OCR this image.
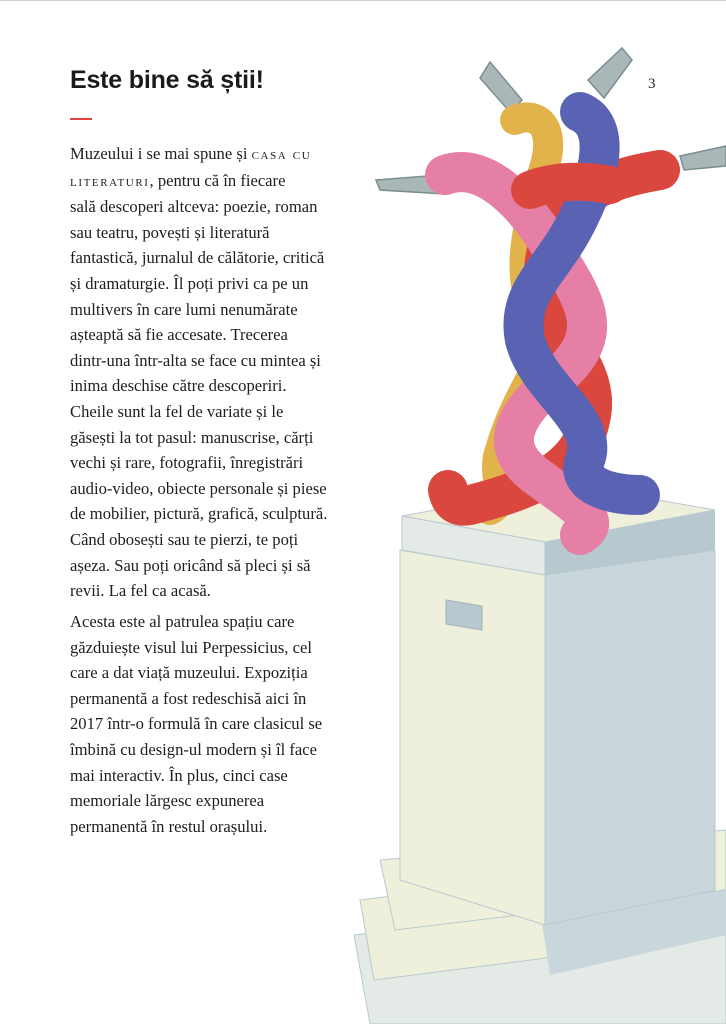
3
Este bine să știi!
Muzeului i se mai spune și casa cu
literaturi, pentru că în fiecare
sală descoperi altceva: poezie, roman
sau teatru, povești și literatură
fantastică, jurnalul de călătorie, critică
și dramaturgie. Îl poți privi ca pe un
multivers în care lumi nenumărate
așteaptă să fie accesate. Trecerea
dintr-una într-alta se face cu mintea și
inima deschise către descoperiri.
Cheile sunt la fel de variate și le
găsești la tot pasul: manuscrise, cărți
vechi și rare, fotografii, înregistrări
audio-video, obiecte personale și piese
de mobilier, pictură, grafică, sculptură.
Când obosești sau te pierzi, te poți
așeza. Sau poți oricând să pleci și să
revii. La fel ca acasă.
Acesta este al patrulea spațiu care
găzduiește visul lui Perpessicius, cel
care a dat viață muzeului. Expoziția
permanentă a fost redeschisă aici în
2017 într-o formulă în care clasicul se
îmbină cu design-ul modern și îl face
mai interactiv. În plus, cinci case
memoriale lărgesc expunerea
permanentă în restul orașului.
